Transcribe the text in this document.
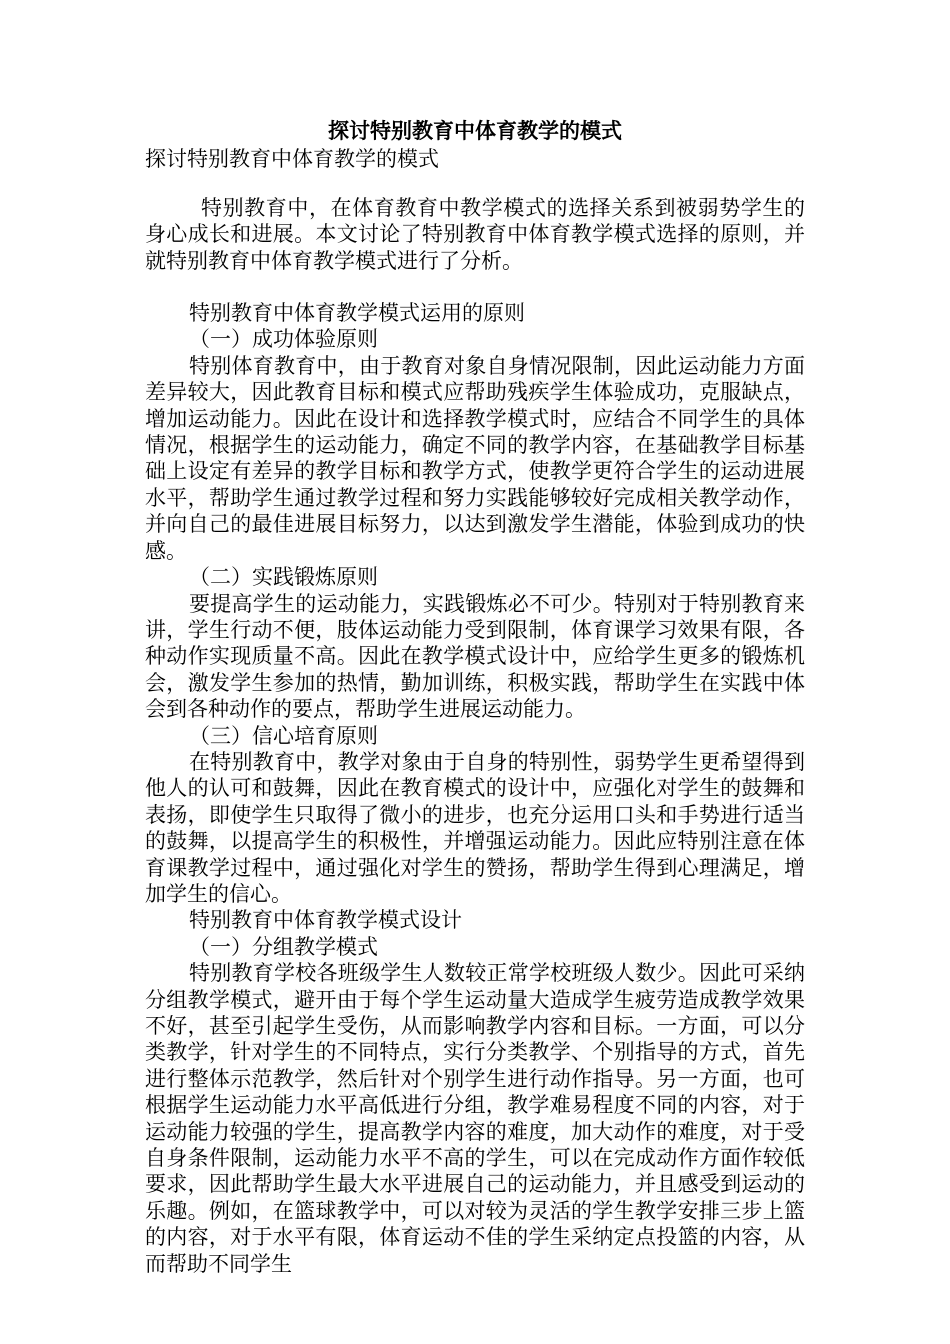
探讨特别教育中体育教学的模式
探讨特别教育中体育教学的模式

特别教育中，在体育教育中教学模式的选择关系到被弱势学生的身心成长和进展。本文讨论了特别教育中体育教学模式选择的原则，并就特别教育中体育教学模式进行了分析。

特别教育中体育教学模式运用的原则
（一）成功体验原则

特别体育教育中，由于教育对象自身情况限制，因此运动能力方面差异较大，因此教育目标和模式应帮助残疾学生体验成功，克服缺点，增加运动能力。因此在设计和选择教学模式时，应结合不同学生的具体情况，根据学生的运动能力，确定不同的教学内容，在基础教学目标基础上设定有差异的教学目标和教学方式，使教学更符合学生的运动进展水平，帮助学生通过教学过程和努力实践能够较好完成相关教学动作，并向自己的最佳进展目标努力，以达到激发学生潜能，体验到成功的快感。

（二）实践锻炼原则

要提高学生的运动能力，实践锻炼必不可少。特别对于特别教育来讲，学生行动不便，肢体运动能力受到限制，体育课学习效果有限，各种动作实现质量不高。因此在教学模式设计中，应给学生更多的锻炼机会，激发学生参加的热情，勤加训练，积极实践，帮助学生在实践中体会到各种动作的要点，帮助学生进展运动能力。

（三）信心培育原则

在特别教育中，教学对象由于自身的特别性，弱势学生更希望得到他人的认可和鼓舞，因此在教育模式的设计中，应强化对学生的鼓舞和表扬，即使学生只取得了微小的进步，也充分运用口头和手势进行适当的鼓舞，以提高学生的积极性，并增强运动能力。因此应特别注意在体育课教学过程中，通过强化对学生的赞扬，帮助学生得到心理满足，增加学生的信心。

特别教育中体育教学模式设计
（一）分组教学模式

特别教育学校各班级学生人数较正常学校班级人数少。因此可采纳分组教学模式，避开由于每个学生运动量大造成学生疲劳造成教学效果不好，甚至引起学生受伤，从而影响教学内容和目标。一方面，可以分类教学，针对学生的不同特点，实行分类教学、个别指导的方式，首先进行整体示范教学，然后针对个别学生进行动作指导。另一方面，也可根据学生运动能力水平高低进行分组，教学难易程度不同的内容，对于运动能力较强的学生，提高教学内容的难度，加大动作的难度，对于受自身条件限制，运动能力水平不高的学生，可以在完成动作方面作较低要求，因此帮助学生最大水平进展自己的运动能力，并且感受到运动的乐趣。例如，在篮球教学中，可以对较为灵活的学生教学安排三步上篮的内容，对于水平有限，体育运动不佳的学生采纳定点投篮的内容，从而帮助不同学生
